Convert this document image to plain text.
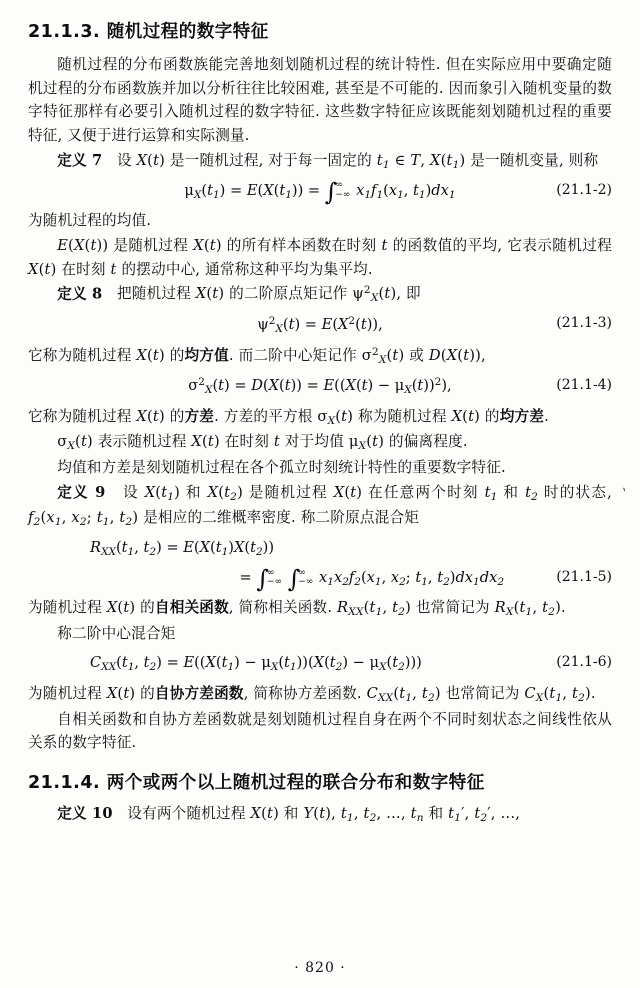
21.1.3. 随机过程的数字特征

随机过程的分布函数族能完善地刻划随机过程的统计特性. 但在实际应用中要确定随机过程的分布函数族并加以分析往往比较困难, 甚至是不可能的. 因而象引入随机变量的数字特征那样有必要引入随机过程的数字特征. 这些数字特征应该既能刻划随机过程的重要特征, 又便于进行运算和实际测量.

定义 7   设 X(t) 是一随机过程, 对于每一固定的 $t_1$ ∈ T, $X(t_1)$ 是一随机变量, 则称

$\mu_X(t_1) = E(X(t_1))$ = ∫
∞
−∞ $x_1f_1(x_1$, $t_1)dx_1$	(21.1-2)

为随机过程的均值.

E(X(t)) 是随机过程 X(t) 的所有样本函数在时刻 t 的函数值的平均, 它表示随机过程 X(t) 在时刻 t 的摆动中心, 通常称这种平均为集平均.

定义 8   把随机过程 X(t) 的二阶原点矩记作 $\psi^2_X(t)$, 即

$\psi^2_X(t) = E(X^2(t))$,	(21.1-3)

它称为随机过程 X(t) 的均方值. 而二阶中心矩记作 $\sigma^2_X(t)$ 或 D(X(t)),

$\sigma^2_X(t) = D(X(t)) = E((X(t) - \mu_X(t))^2)$,	(21.1-4)

它称为随机过程 X(t) 的方差. 方差的平方根 $\sigma_X(t)$ 称为随机过程 X(t) 的均方差.

$\sigma_X(t)$ 表示随机过程 X(t) 在时刻 t 对于均值 $\mu_X(t)$ 的偏离程度.

均值和方差是刻划随机过程在各个孤立时刻统计特性的重要数字特征.

定义 9   设 $X(t_1)$ 和 $X(t_2)$ 是随机过程 X(t) 在任意两个时刻 $t_1$ 和 $t_2$ 时的状态, $f_2(x_1$, $x_2$; $t_1$, $t_2$) 是相应的二维概率密度. 称二阶原点混合矩

$R_{XX}(t_1$, $t_2) = E(X(t_1)X(t_2))$
= ∫
∞
−∞ ∫
∞
−∞ $x_1x_2f_2(x_1$, $x_2$; $t_1$, $t_2)dx_1dx_2$	(21.1-5)

为随机过程 X(t) 的自相关函数, 简称相关函数. $R_{XX}(t_1$, $t_2$) 也常简记为 $R_X(t_1$, $t_2$).

称二阶中心混合矩

$C_{XX}(t_1$, $t_2) = E((X(t_1) - \mu_X(t_1))(X(t_2) - \mu_X(t_2)))$	(21.1-6)

为随机过程 X(t) 的自协方差函数, 简称协方差函数. $C_{XX}(t_1$, $t_2$) 也常简记为 $C_X(t_1$, $t_2$).

自相关函数和自协方差函数就是刻划随机过程自身在两个不同时刻状态之间线性依从关系的数字特征.

21.1.4. 两个或两个以上随机过程的联合分布和数字特征

定义 10   设有两个随机过程 X(t) 和 Y(t), $t_1$, $t_2$, …, $t_n$ 和 $t_1'$, $t_2'$, …,

`
· 820 ·
